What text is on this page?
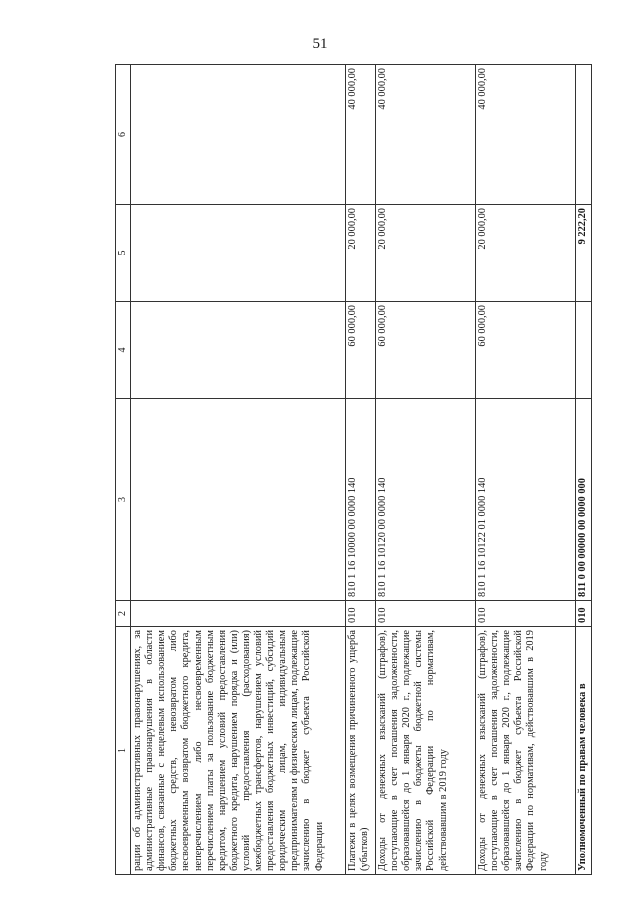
51
1	2	3	4	5	6
рации об административных правонарушениях, за административные правонарушения в области финансов, связанные с нецелевым использованием бюджетных средств, невозвратом либо несвоевременным возвратом бюджетного кредита, неперечислением либо несвоевременным перечислением платы за пользование бюджетным кредитом, нарушением условий предоставления бюджетного кредита, нарушением порядка и (или) условий предоставления (расходования) межбюджетных трансфертов, нарушением условий предоставления бюджетных инвестиций, субсидий юридическим лицам, индивидуальным предпринимателям и физическим лицам, подлежащие зачислению в бюджет субъекта Российской Федерации					
Платежи в целях возмещения причиненного ущерба (убытков)	010	810 1 16 10000 00 0000 140	60 000,00	20 000,00	40 000,00
Доходы от денежных взысканий (штрафов), поступающие в счет погашения задолженности, образовавшейся до 1 января 2020 г., подлежащие зачислению в бюджеты бюджетной системы Российской Федерации по нормативам, действовавшим в 2019 году	010	810 1 16 10120 00 0000 140	60 000,00	20 000,00	40 000,00
Доходы от денежных взысканий (штрафов), поступающие в счет погашения задолженности, образовавшейся до 1 января 2020 г., подлежащие зачислению в бюджет субъекта Российской Федерации по нормативам, действовавшим в 2019 году	010	810 1 16 10122 01 0000 140	60 000,00	20 000,00	40 000,00
Уполномоченный по правам человека в	010	811 0 00 00000 00 0000 000		9 222,20	
